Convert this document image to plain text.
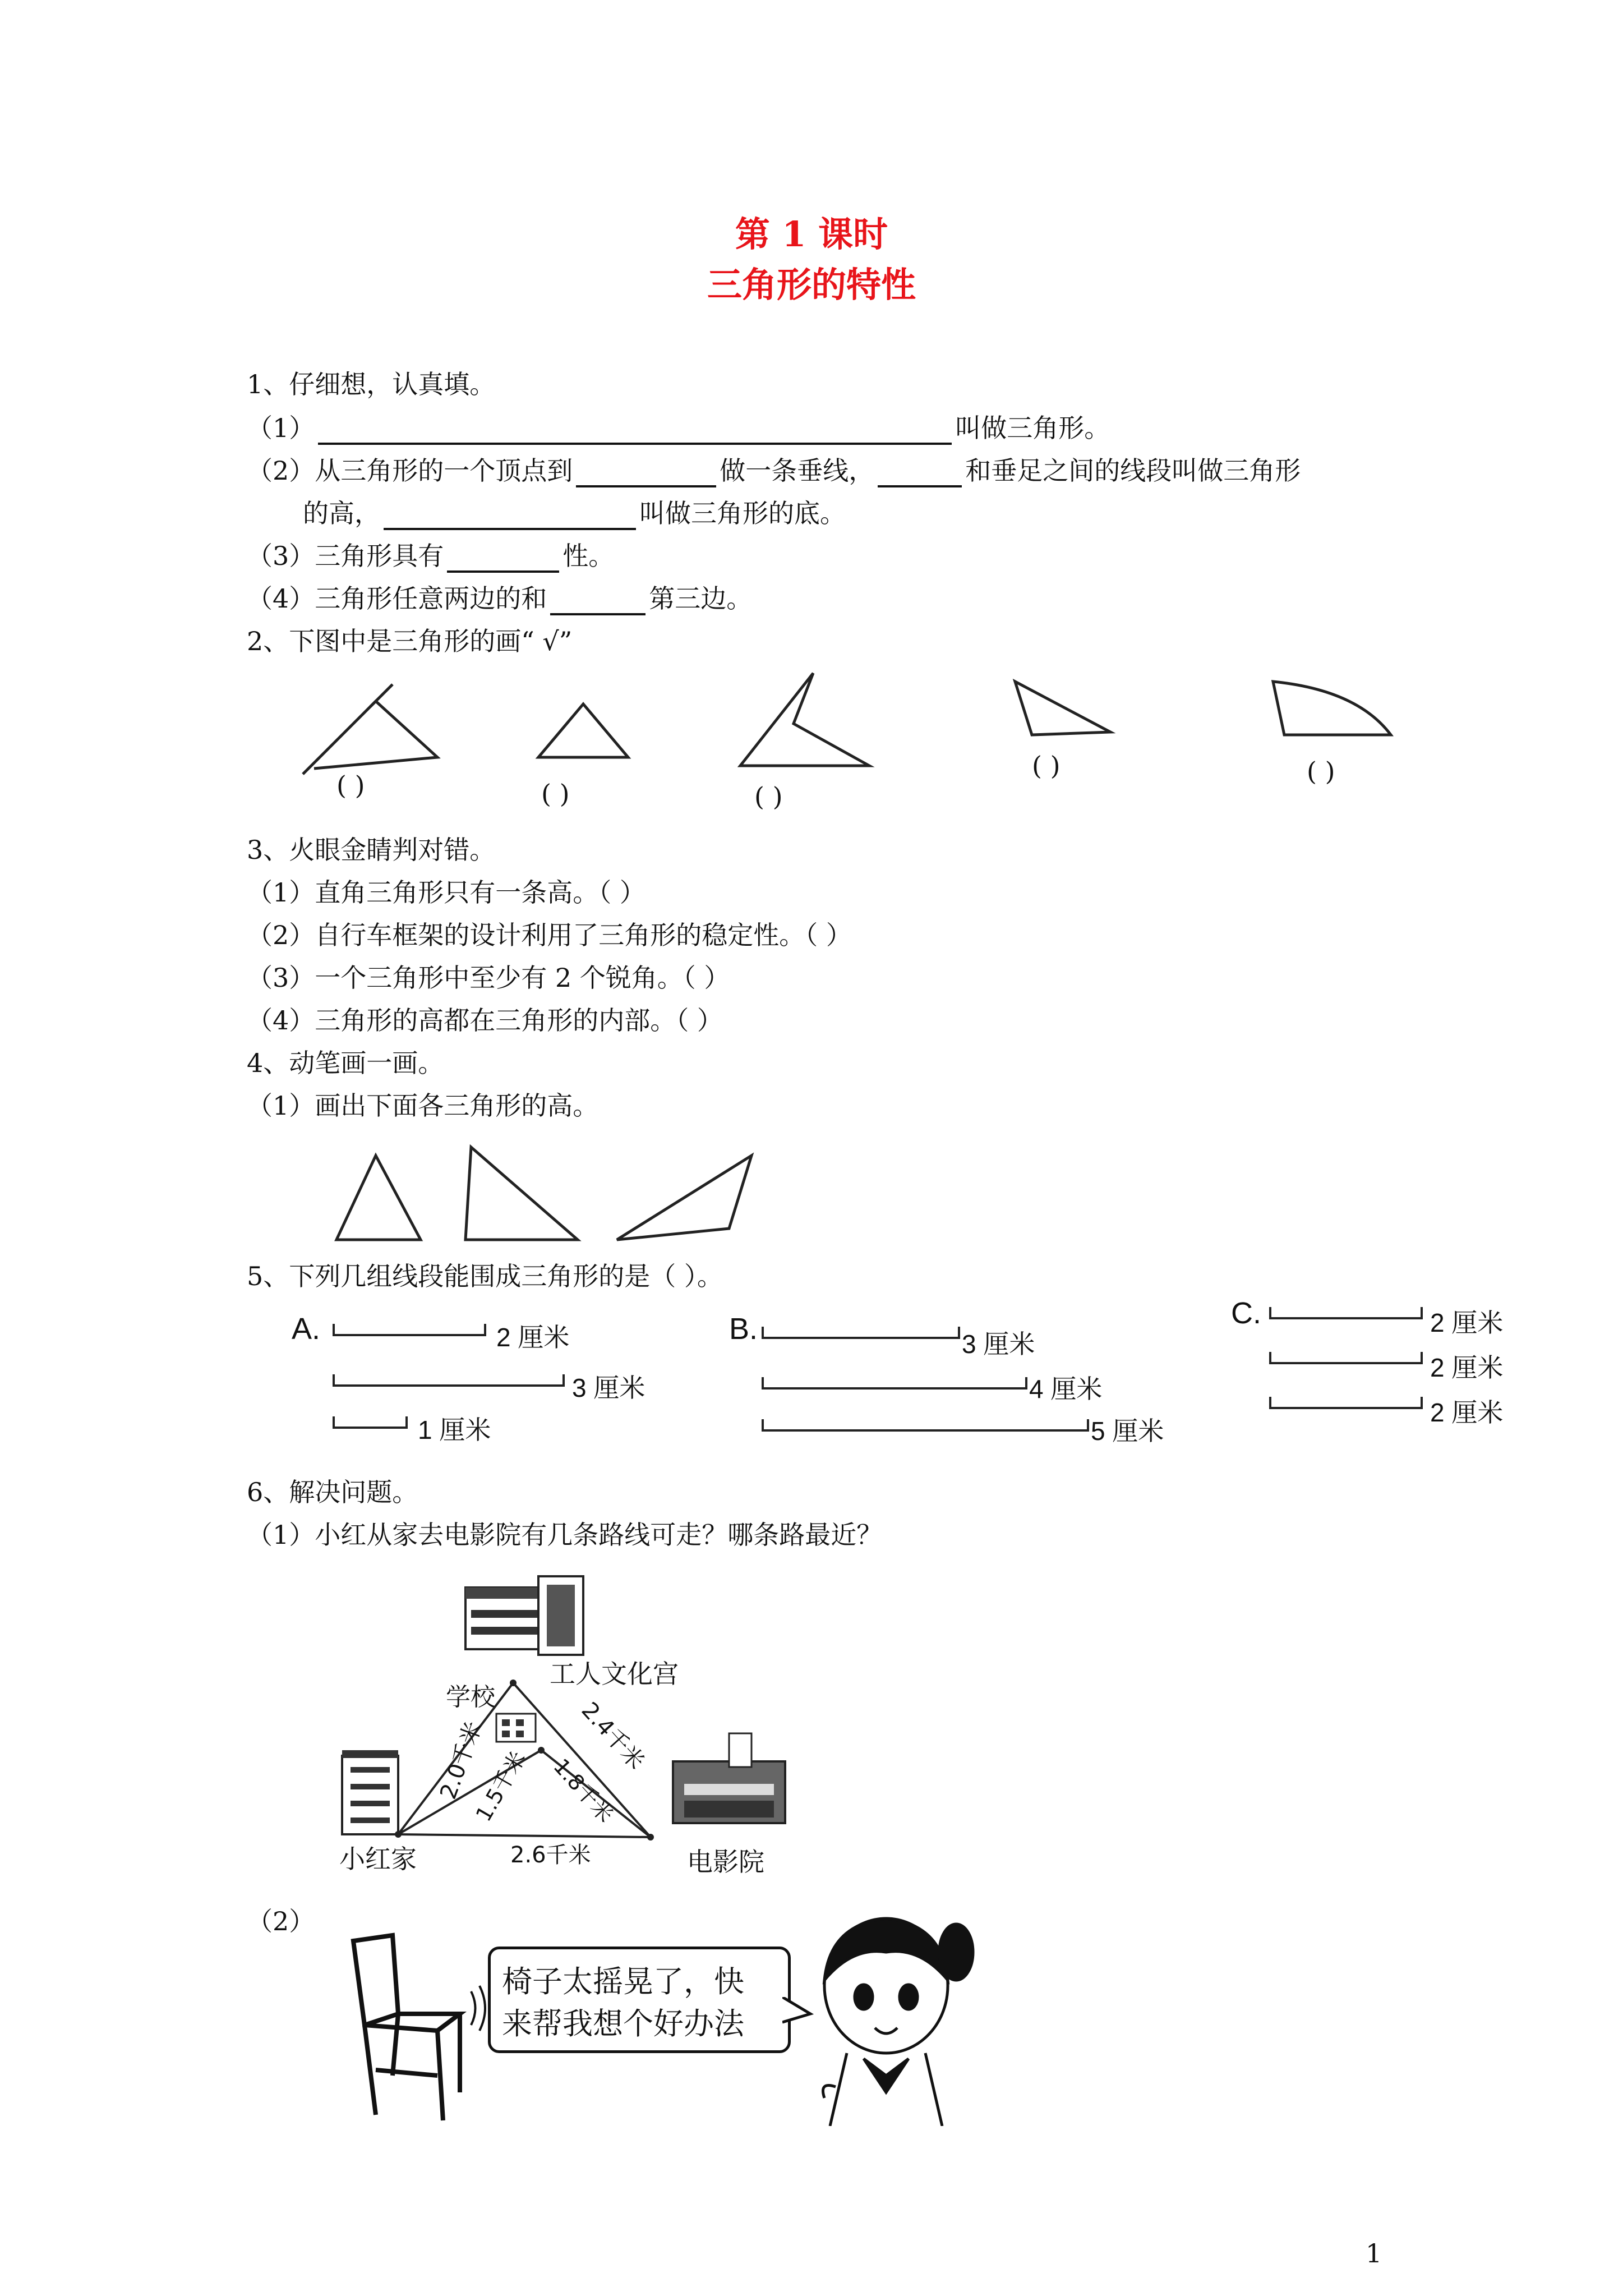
第 1 课时
三角形的特性
1、仔细想，认真填。
（1）	叫做三角形。
（2）从三角形的一个顶点到	做一条垂线，	和垂足之间的线段叫做三角形
的高，	叫做三角形的底。
（3）三角形具有	性。
（4）三角形任意两边的和	第三边。
2、下图中是三角形的画“ √”
( )	( )	( )
( )	( )
3、火眼金睛判对错。
（1）直角三角形只有一条高。（ ）
（2）自行车框架的设计利用了三角形的稳定性。（ ）
（3）一个三角形中至少有 2 个锐角。（ ）
（4）三角形的高都在三角形的内部。（ ）
4、动笔画一画。
（1）画出下面各三角形的高。
5、下列几组线段能围成三角形的是（ ）。
A.	2 厘米
3 厘米
1 厘米
B.	3 厘米
4 厘米
5 厘米
C.	2 厘米
2 厘米
2 厘米
6、解决问题。
（1）小红从家去电影院有几条路线可走？哪条路最近？
工人文化宫
学校
小红家	电影院
2.0千米	2.4千米
1.5千米 1.8千米
2.6千米
（2）
椅子太摇晃了，快
来帮我想个好办法
1
